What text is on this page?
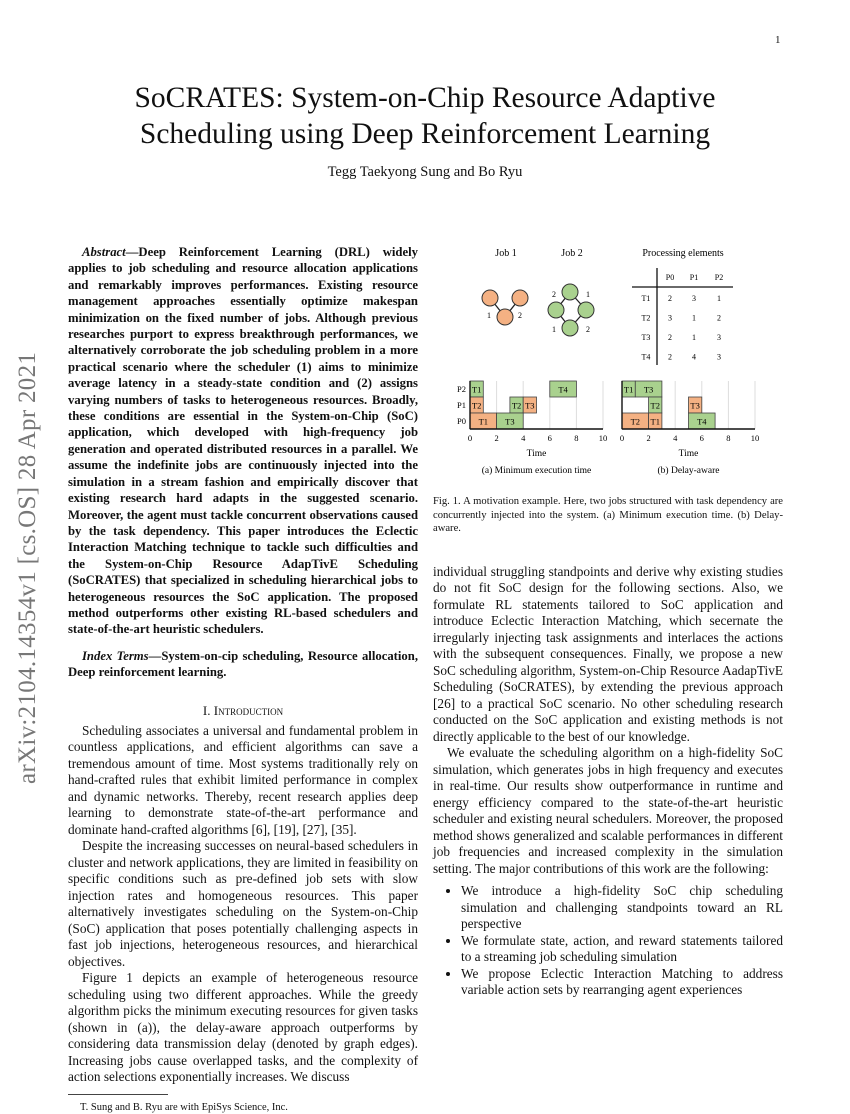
1
arXiv:2104.14354v1 [cs.OS] 28 Apr 2021
SoCRATES: System-on-Chip Resource Adaptive
Scheduling using Deep Reinforcement Learning
Tegg Taekyong Sung and Bo Ryu
Abstract—Deep Reinforcement Learning (DRL) widely applies to job scheduling and resource allocation applications and remarkably improves performances. Existing resource management approaches essentially optimize makespan minimization on the fixed number of jobs. Although previous researches purport to express breakthrough performances, we alternatively corroborate the job scheduling problem in a more practical scenario where the scheduler (1) aims to minimize average latency in a steady-state condition and (2) assigns varying numbers of tasks to heterogeneous resources. Broadly, these conditions are essential in the System-on-Chip (SoC) application, which developed with high-frequency job generation and operated distributed resources in a parallel. We assume the indefinite jobs are continuously injected into the simulation in a stream fashion and empirically discover that existing research hard adapts in the suggested scenario. Moreover, the agent must tackle concurrent observations caused by the task dependency. This paper introduces the Eclectic Interaction Matching technique to tackle such difficulties and the System-on-Chip Resource AdapTivE Scheduling (SoCRATES) that specialized in scheduling hierarchical jobs to heterogeneous resources the SoC application. The proposed method outperforms other existing RL-based schedulers and state-of-the-art heuristic schedulers.
Index Terms—System-on-cip scheduling, Resource allocation, Deep reinforcement learning.
I. Introduction
Scheduling associates a universal and fundamental problem in countless applications, and efficient algorithms can save a tremendous amount of time. Most systems traditionally rely on hand-crafted rules that exhibit limited performance in complex and dynamic networks. Thereby, recent research applies deep learning to demonstrate state-of-the-art performance and dominate hand-crafted algorithms [6], [19], [27], [35].
Despite the increasing successes on neural-based schedulers in cluster and network applications, they are limited in feasibility on specific conditions such as pre-defined job sets with slow injection rates and homogeneous resources. This paper alternatively investigates scheduling on the System-on-Chip (SoC) application that poses potentially challenging aspects in fast job injections, heterogeneous resources, and hierarchical objectives.
Figure 1 depicts an example of heterogeneous resource scheduling using two different approaches. While the greedy algorithm picks the minimum executing resources for given tasks (shown in (a)), the delay-aware approach outperforms by considering data transmission delay (denoted by graph edges). Increasing jobs cause overlapped tasks, and the complexity of action selections exponentially increases. We discuss
T. Sung and B. Ryu are with EpiSys Science, Inc.
Job 1	Job 2	Processing elements
1	2
2	1
1	2
P0 P1 P2
T1 2	3	1
T2 3	1	2
T3 2	1	3
T4 2	4	3
0	2	4	6	8 10
P0
P1
P2 T1	T4
T2	T2 T3
T1 T3
Time
(a) Minimum execution time
0	2	4	6	8 10
T1 T3
T2	T3
T2 T1	T4
Time
(b) Delay-aware
Fig. 1. A motivation example. Here, two jobs structured with task dependency are concurrently injected into the system. (a) Minimum execution time. (b) Delay-aware.
individual struggling standpoints and derive why existing studies do not fit SoC design for the following sections. Also, we formulate RL statements tailored to SoC application and introduce Eclectic Interaction Matching, which secernate the irregularly injecting task assignments and interlaces the actions with the subsequent consequences. Finally, we propose a new SoC scheduling algorithm, System-on-Chip Resource AadapTivE Scheduling (SoCRATES), by extending the previous approach [26] to a practical SoC scenario. No other scheduling research conducted on the SoC application and existing methods is not directly applicable to the best of our knowledge.
We evaluate the scheduling algorithm on a high-fidelity SoC simulation, which generates jobs in high frequency and executes in real-time. Our results show outperformance in runtime and energy efficiency compared to the state-of-the-art heuristic scheduler and existing neural schedulers. Moreover, the proposed method shows generalized and scalable performances in different job frequencies and increased complexity in the simulation setting. The major contributions of this work are the following:
• We introduce a high-fidelity SoC chip scheduling simulation and challenging standpoints toward an RL perspective
• We formulate state, action, and reward statements tailored to a streaming job scheduling simulation
• We propose Eclectic Interaction Matching to address variable action sets by rearranging agent experiences
